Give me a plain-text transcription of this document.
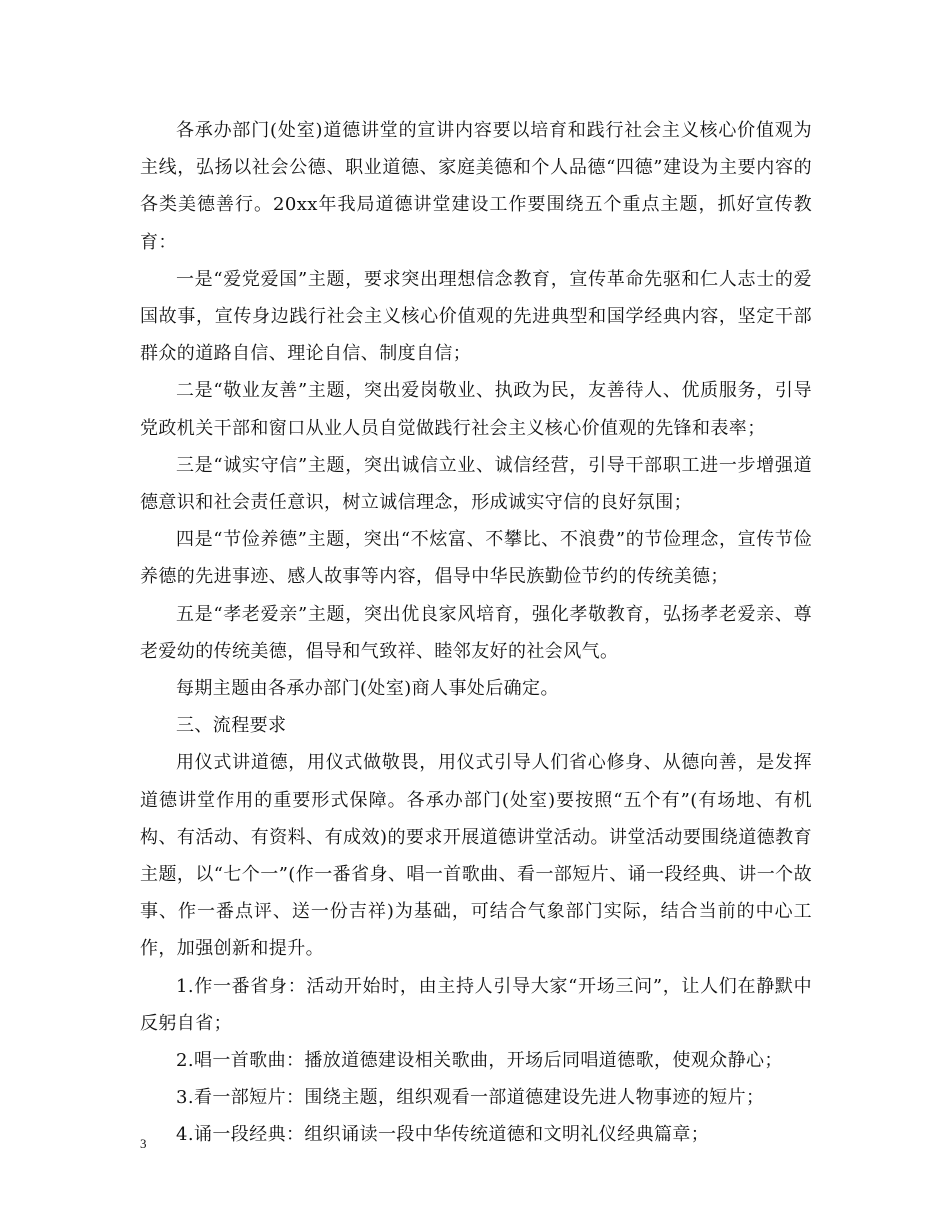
各承办部门(处室)道德讲堂的宣讲内容要以培育和践行社会主义核心价值观为主线，弘扬以社会公德、职业道德、家庭美德和个人品德“四德”建设为主要内容的各类美德善行。20xx年我局道德讲堂建设工作要围绕五个重点主题，抓好宣传教育：

一是“爱党爱国”主题，要求突出理想信念教育，宣传革命先驱和仁人志士的爱国故事，宣传身边践行社会主义核心价值观的先进典型和国学经典内容，坚定干部群众的道路自信、理论自信、制度自信；

二是“敬业友善”主题，突出爱岗敬业、执政为民，友善待人、优质服务，引导党政机关干部和窗口从业人员自觉做践行社会主义核心价值观的先锋和表率；

三是“诚实守信”主题，突出诚信立业、诚信经营，引导干部职工进一步增强道德意识和社会责任意识，树立诚信理念，形成诚实守信的良好氛围；

四是“节俭养德”主题，突出“不炫富、不攀比、不浪费”的节俭理念，宣传节俭养德的先进事迹、感人故事等内容，倡导中华民族勤俭节约的传统美德；

五是“孝老爱亲”主题，突出优良家风培育，强化孝敬教育，弘扬孝老爱亲、尊老爱幼的传统美德，倡导和气致祥、睦邻友好的社会风气。

每期主题由各承办部门(处室)商人事处后确定。

三、流程要求

用仪式讲道德，用仪式做敬畏，用仪式引导人们省心修身、从德向善，是发挥道德讲堂作用的重要形式保障。各承办部门(处室)要按照“五个有”(有场地、有机构、有活动、有资料、有成效)的要求开展道德讲堂活动。讲堂活动要围绕道德教育主题，以“七个一”(作一番省身、唱一首歌曲、看一部短片、诵一段经典、讲一个故事、作一番点评、送一份吉祥)为基础，可结合气象部门实际，结合当前的中心工作，加强创新和提升。

1.作一番省身：活动开始时，由主持人引导大家“开场三问”，让人们在静默中反躬自省；

2.唱一首歌曲：播放道德建设相关歌曲，开场后同唱道德歌，使观众静心；

3.看一部短片：围绕主题，组织观看一部道德建设先进人物事迹的短片；

4.诵一段经典：组织诵读一段中华传统道德和文明礼仪经典篇章；

3
